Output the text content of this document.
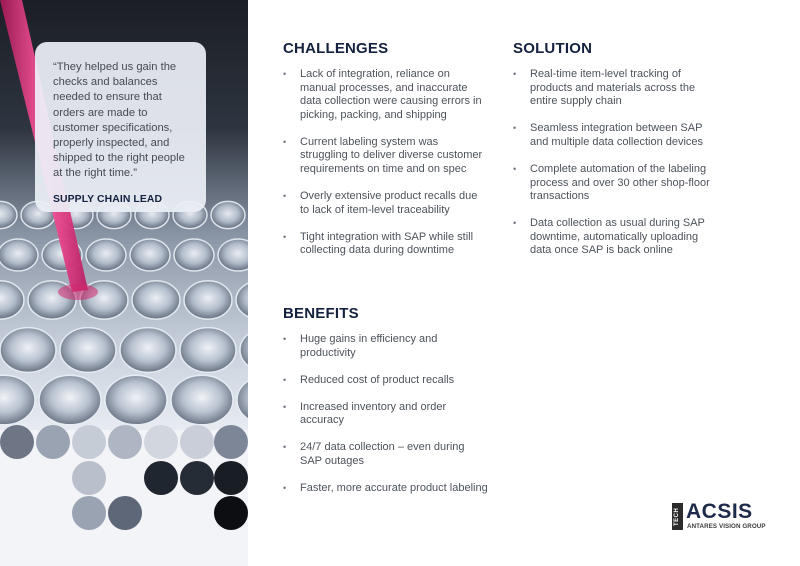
“They helped us gain the checks and balances needed to ensure that orders are made to customer specifications, properly inspected, and shipped to the right people at the right time.”

SUPPLY CHAIN LEAD

CHALLENGES
• Lack of integration, reliance on manual processes, and inaccurate data collection were causing errors in picking, packing, and shipping
• Current labeling system was struggling to deliver diverse customer requirements on time and on spec
• Overly extensive product recalls due to lack of item-level traceability
• Tight integration with SAP while still collecting data during downtime
SOLUTION
• Real-time item-level tracking of products and materials across the entire supply chain
• Seamless integration between SAP and multiple data collection devices
• Complete automation of the labeling process and over 30 other shop-floor transactions
• Data collection as usual during SAP downtime, automatically uploading data once SAP is back online
BENEFITS
• Huge gains in efficiency and productivity
• Reduced cost of product recalls
• Increased inventory and order accuracy
• 24/7 data collection – even during SAP outages
• Faster, more accurate product labeling
TECH ACSIS
ANTARES VISION GROUP
